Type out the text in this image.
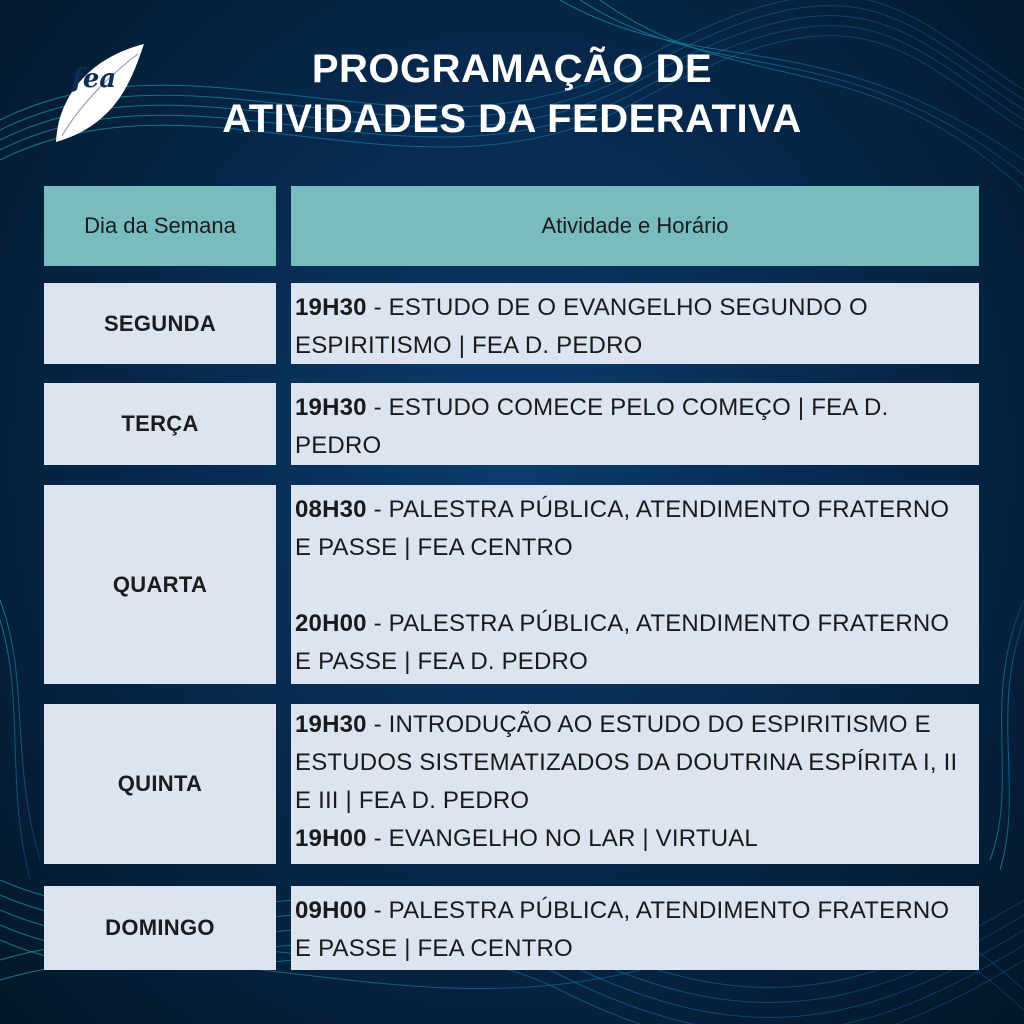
fea	PROGRAMAÇÃO DE
ATIVIDADES DA FEDERATIVA
Dia da Semana	Atividade e Horário
SEGUNDA
19H30 - ESTUDO DE O EVANGELHO SEGUNDO O ESPIRITISMO | FEA D. PEDRO
TERÇA
19H30 - ESTUDO COMECE PELO COMEÇO | FEA D. PEDRO
QUARTA
08H30 - PALESTRA PÚBLICA, ATENDIMENTO FRATERNO E PASSE | FEA CENTRO
20H00 - PALESTRA PÚBLICA, ATENDIMENTO FRATERNO E PASSE | FEA D. PEDRO
QUINTA
19H30 - INTRODUÇÃO AO ESTUDO DO ESPIRITISMO E ESTUDOS SISTEMATIZADOS DA DOUTRINA ESPÍRITA I, II E III | FEA D. PEDRO
19H00 - EVANGELHO NO LAR | VIRTUAL
DOMINGO
09H00 - PALESTRA PÚBLICA, ATENDIMENTO FRATERNO E PASSE | FEA CENTRO
